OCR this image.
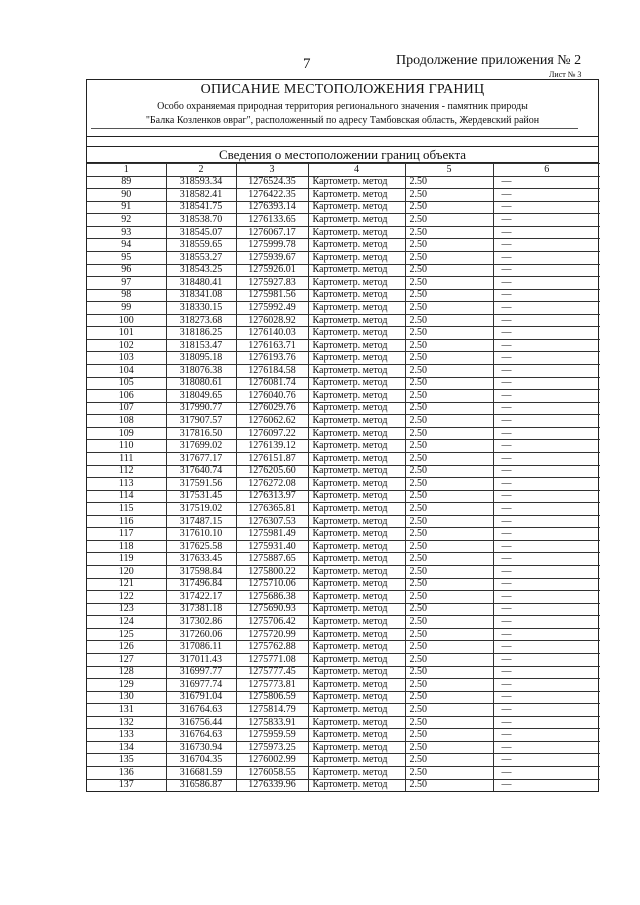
7	Продолжение приложения № 2
Лист № 3
ОПИСАНИЕ МЕСТОПОЛОЖЕНИЯ ГРАНИЦ
Особо охраняемая природная территория регионального значения - памятник природы
"Балка Козленков овраг", расположенный по адресу Тамбовская область, Жердевский район
Сведения о местоположении границ объекта
1	2	3	4	5	6
89	318593.34	1276524.35	Картометр. метод	2.50	—
90	318582.41	1276422.35	Картометр. метод	2.50	—
91	318541.75	1276393.14	Картометр. метод	2.50	—
92	318538.70	1276133.65	Картометр. метод	2.50	—
93	318545.07	1276067.17	Картометр. метод	2.50	—
94	318559.65	1275999.78	Картометр. метод	2.50	—
95	318553.27	1275939.67	Картометр. метод	2.50	—
96	318543.25	1275926.01	Картометр. метод	2.50	—
97	318480.41	1275927.83	Картометр. метод	2.50	—
98	318341.08	1275981.56	Картометр. метод	2.50	—
99	318330.15	1275992.49	Картометр. метод	2.50	—
100	318273.68	1276028.92	Картометр. метод	2.50	—
101	318186.25	1276140.03	Картометр. метод	2.50	—
102	318153.47	1276163.71	Картометр. метод	2.50	—
103	318095.18	1276193.76	Картометр. метод	2.50	—
104	318076.38	1276184.58	Картометр. метод	2.50	—
105	318080.61	1276081.74	Картометр. метод	2.50	—
106	318049.65	1276040.76	Картометр. метод	2.50	—
107	317990.77	1276029.76	Картометр. метод	2.50	—
108	317907.57	1276062.62	Картометр. метод	2.50	—
109	317816.50	1276097.22	Картометр. метод	2.50	—
110	317699.02	1276139.12	Картометр. метод	2.50	—
111	317677.17	1276151.87	Картометр. метод	2.50	—
112	317640.74	1276205.60	Картометр. метод	2.50	—
113	317591.56	1276272.08	Картометр. метод	2.50	—
114	317531.45	1276313.97	Картометр. метод	2.50	—
115	317519.02	1276365.81	Картометр. метод	2.50	—
116	317487.15	1276307.53	Картометр. метод	2.50	—
117	317610.10	1275981.49	Картометр. метод	2.50	—
118	317625.58	1275931.40	Картометр. метод	2.50	—
119	317633.45	1275887.65	Картометр. метод	2.50	—
120	317598.84	1275800.22	Картометр. метод	2.50	—
121	317496.84	1275710.06	Картометр. метод	2.50	—
122	317422.17	1275686.38	Картометр. метод	2.50	—
123	317381.18	1275690.93	Картометр. метод	2.50	—
124	317302.86	1275706.42	Картометр. метод	2.50	—
125	317260.06	1275720.99	Картометр. метод	2.50	—
126	317086.11	1275762.88	Картометр. метод	2.50	—
127	317011.43	1275771.08	Картометр. метод	2.50	—
128	316997.77	1275777.45	Картометр. метод	2.50	—
129	316977.74	1275773.81	Картометр. метод	2.50	—
130	316791.04	1275806.59	Картометр. метод	2.50	—
131	316764.63	1275814.79	Картометр. метод	2.50	—
132	316756.44	1275833.91	Картометр. метод	2.50	—
133	316764.63	1275959.59	Картометр. метод	2.50	—
134	316730.94	1275973.25	Картометр. метод	2.50	—
135	316704.35	1276002.99	Картометр. метод	2.50	—
136	316681.59	1276058.55	Картометр. метод	2.50	—
137	316586.87	1276339.96	Картометр. метод	2.50	—
